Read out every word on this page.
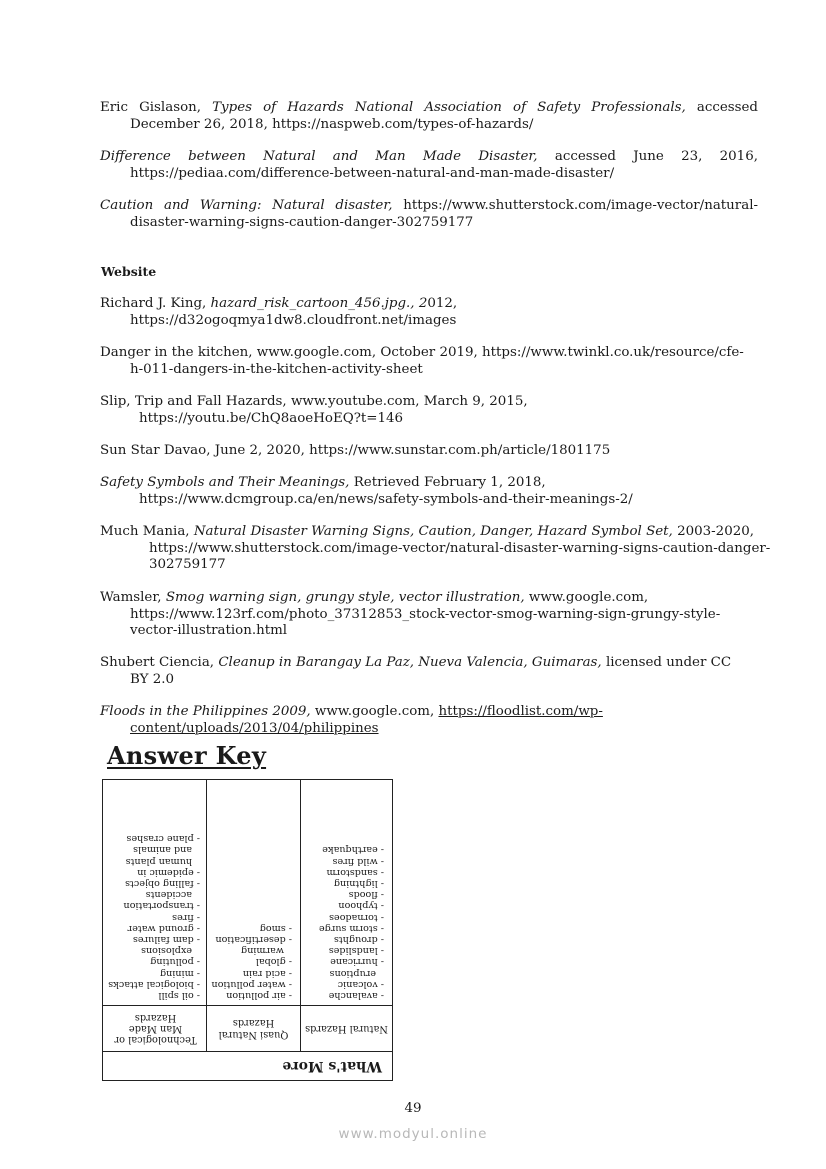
Eric Gislason, Types of Hazards National Association of Safety Professionals, accessed December 26, 2018, https://naspweb.com/types-of-hazards/
Difference between Natural and Man Made Disaster, accessed June 23, 2016, https://pediaa.com/difference-between-natural-and-man-made-disaster/
Caution and Warning: Natural disaster, https://www.shutterstock.com/image-vector/natural-disaster-warning-signs-caution-danger-302759177
Website
Richard J. King, hazard_risk_cartoon_456.jpg., 2012, https://d32ogoqmya1dw8.cloudfront.net/images
Danger in the kitchen, www.google.com, October 2019, https://www.twinkl.co.uk/resource/cfe-h-011-dangers-in-the-kitchen-activity-sheet
Slip, Trip and Fall Hazards, www.youtube.com, March 9, 2015, https://youtu.be/ChQ8aoeHoEQ?t=146
Sun Star Davao, June 2, 2020, https://www.sunstar.com.ph/article/1801175
Safety Symbols and Their Meanings, Retrieved February 1, 2018, https://www.dcmgroup.ca/en/news/safety-symbols-and-their-meanings-2/
Much Mania, Natural Disaster Warning Signs, Caution, Danger, Hazard Symbol Set, 2003-2020, https://www.shutterstock.com/image-vector/natural-disaster-warning-signs-caution-danger-302759177
Wamsler, Smog warning sign, grungy style, vector illustration, www.google.com, https://www.123rf.com/photo_37312853_stock-vector-smog-warning-sign-grungy-style-vector-illustration.html
Shubert Ciencia, Cleanup in Barangay La Paz, Nueva Valencia, Guimaras, licensed under CC BY 2.0
Floods in the Philippines 2009, www.google.com, https://floodlist.com/wp-content/uploads/2013/04/philippines
Answer Key
What's More
Natural Hazards
- avalanche
- volcanic eruptions
- hurricane
- landslides
- droughts
- storm surge
- tornadoes
- typhoon
- floods
- lightning
- sandstorm
- wild fires
- earthquake
Quasi Natural Hazards
- air pollution
- water pollution
- acid rain
- global warming
- desertification
- smog
Technological or Man Made Hazards
- oil spill
- biological attacks
- mining
- polluting explosions
- dam failures
- ground water
- fires
- transportation accidents
- falling objects
- epidemic in human plants and animals
- plane crashes
49
www.modyul.online
